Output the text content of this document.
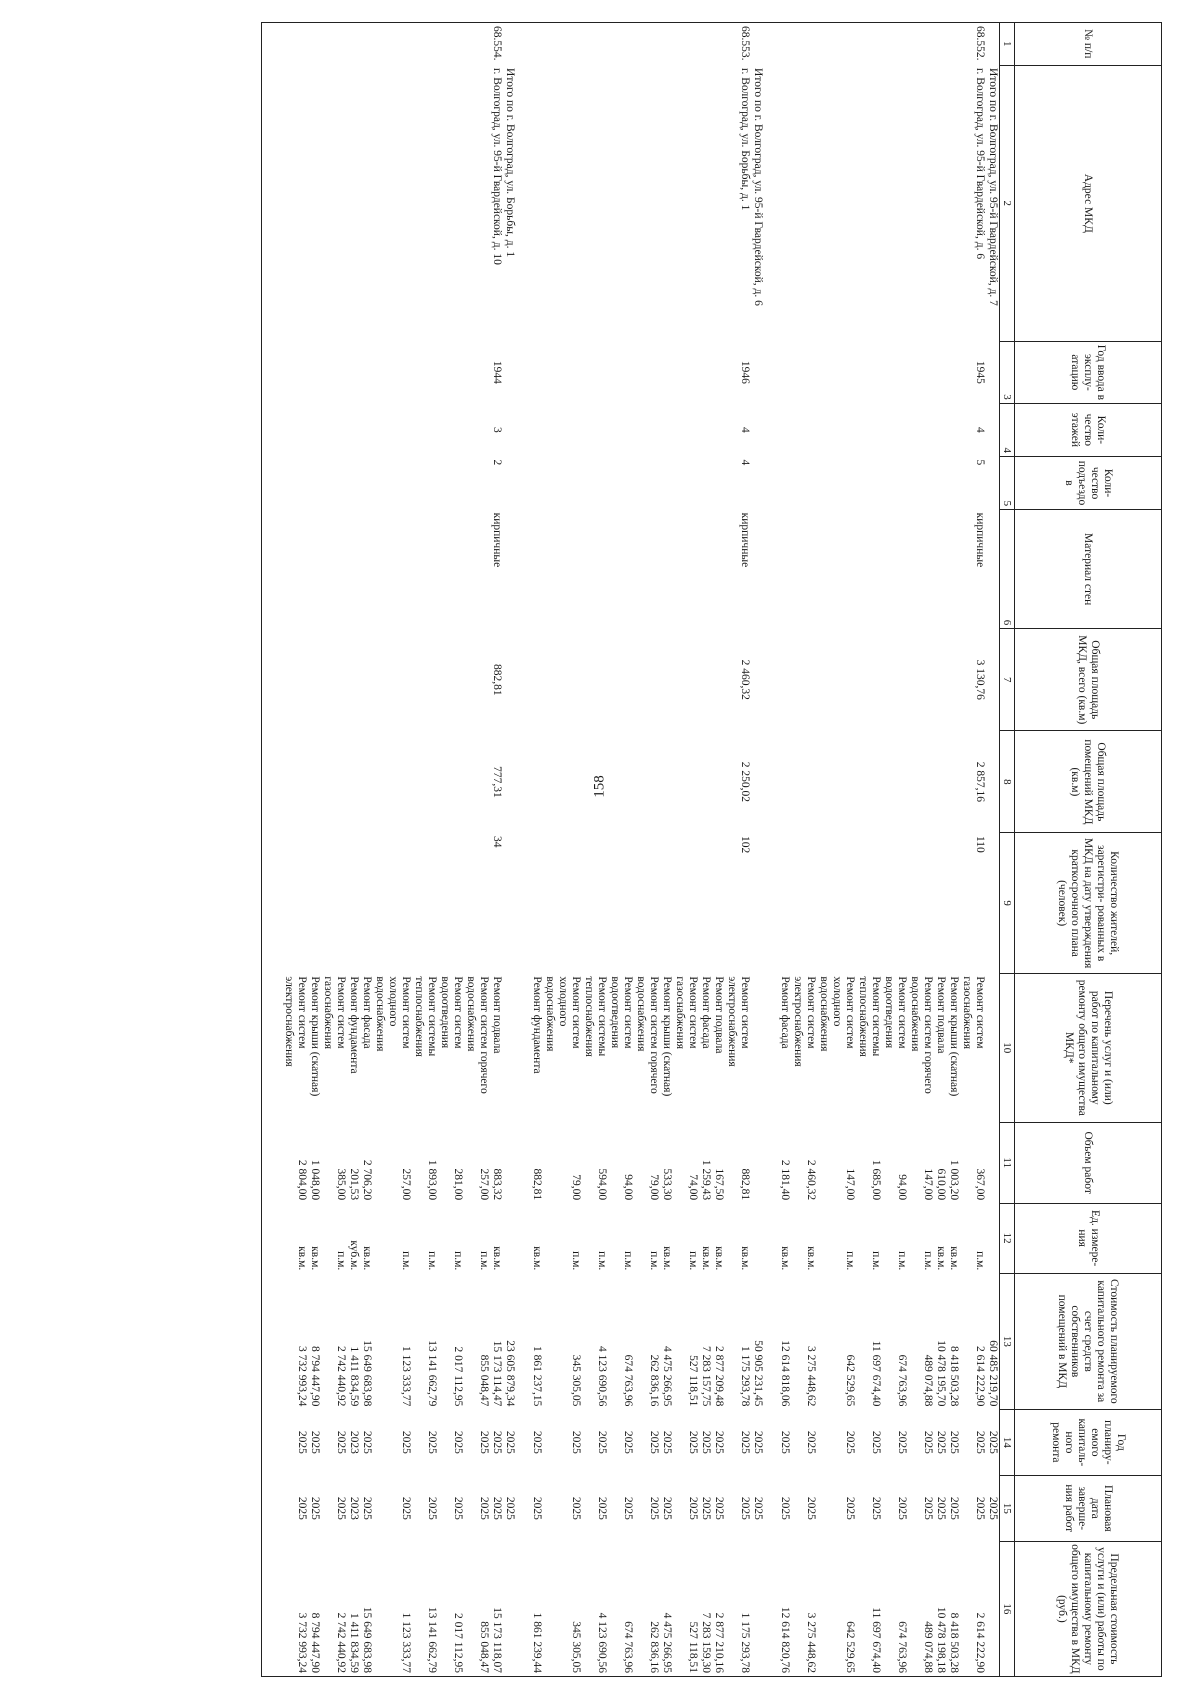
158
№ п/п	Адрес МКД	Год ввода в эксплу- атацию	Коли- чество этажей	Коли- чество подъездо в	Материал стен	Общая площадь МКД, всего (кв.м)	Общая площадь помещений МКД (кв.м)	Количество жителей, зарегистри- рованных в МКД на дату утверждения краткосрочного плана (человек)	Перечень услуг и (или) работ по капитальному ремонту общего имущества МКД*	Объем работ	Ед. измере- ния	Стоимость планируемого капитального ремонта за счет средств собственников помещений в МКД	Год планиру- емого капиталь- ного ремонта	Плановая дата заверше- ния работ	Предельная стоимость услуги и (или) работы по капитальному ремонту общего имущества в МКД (руб.)
1	2	3	4	5	6	7	8	9	10	11	12	13	14	15	16
	Итого по г. Волгоград, ул. 95-й Гвардейской, д. 7											60 485 219,70	2025	2025	
68.552.	г. Волгоград, ул. 95-й Гвардейской, д. 6	1945	4	5	кирпичные	3 130,76	2 857,16	110	Ремонт систем
газоснабжения	367,00	п.м.	2 614 222,90	2025	2025	2 614 222,90

									Ремонт крыши (скатная)	1 003,20	кв.м.	8 418 503,28	2025	2025	8 418 503,28

									Ремонт подвала	610,00	кв.м.	10 478 195,70	2025	2025	10 478 198,18

									Ремонт систем горячего
водоснабжения	147,00	п.м.	489 074,88	2025	2025	489 074,88

									Ремонт систем
водоотведения	94,00	п.м.	674 763,96	2025	2025	674 763,96

									Ремонт системы
теплоснабжения	1 685,00	п.м.	11 697 674,40	2025	2025	11 697 674,40

									Ремонт систем
холодного
водоснабжения	147,00	п.м.	642 529,65	2025	2025	642 529,65

									Ремонт систем
электроснабжения	2 460,32	кв.м.	3 275 448,62	2025	2025	3 275 448,62

									Ремонт фасада	2 181,40	кв.м.	12 614 818,06	2025	2025	12 614 820,76

	Итого по г. Волгоград, ул. 95-й Гвардейской, д. 6											50 905 231,45	2025	2025	
68.553.	г. Волгоград, ул. Борьбы, д. 1	1946	4	4	кирпичные	2 460,32	2 250,02	102	Ремонт систем
электроснабжения	882,81	кв.м.	1 175 293,78	2025	2025	1 175 293,78

									Ремонт подвала	167,50	кв.м.	2 877 209,48	2025	2025	2 877 210,16

									Ремонт фасада	1 259,43	кв.м.	7 283 157,75	2025	2025	7 283 159,30

									Ремонт систем
газоснабжения	74,00	п.м.	527 118,51	2025	2025	527 118,51

									Ремонт крыши (скатная)	533,30	кв.м.	4 475 266,95	2025	2025	4 475 266,95

									Ремонт систем горячего
водоснабжения	79,00	п.м.	262 836,16	2025	2025	262 836,16

									Ремонт систем
водоотведения	94,00	п.м.	674 763,96	2025	2025	674 763,96

									Ремонт системы
теплоснабжения	594,00	п.м.	4 123 690,56	2025	2025	4 123 690,56

									Ремонт систем
холодного
водоснабжения	79,00	п.м.	345 305,05	2025	2025	345 305,05

									Ремонт фундамента	882,81	кв.м.	1 861 237,15	2025	2025	1 861 239,44

	Итого по г. Волгоград, ул. Борьбы, д. 1											23 605 879,34	2025	2025	
68.554.	г. Волгоград, ул. 95-й Гвардейской, д. 10	1944	3	2	кирпичные	882,81	777,31	34	Ремонт подвала	883,32	кв.м.	15 173 114,47	2025	2025	15 173 118,07

									Ремонт систем горячего
водоснабжения	257,00	п.м.	855 048,47	2025	2025	855 048,47

									Ремонт систем
водоотведения	281,00	п.м.	2 017 112,95	2025	2025	2 017 112,95

									Ремонт системы
теплоснабжения	1 893,00	п.м.	13 141 662,79	2025	2025	13 141 662,79

									Ремонт систем
холодного
водоснабжения	257,00	п.м.	1 123 333,77	2025	2025	1 123 333,77

									Ремонт фасада	2 706,20	кв.м.	15 649 683,98	2025	2025	15 649 683,98

									Ремонт фундамента	201,53	куб.м.	1 411 834,59	2023	2023	1 411 834,59

									Ремонт систем
газоснабжения	385,00	п.м.	2 742 440,92	2025	2025	2 742 440,92

									Ремонт крыши (скатная)	1 048,00	кв.м.	8 794 447,90	2025	2025	8 794 447,90

									Ремонт систем
электроснабжения	2 804,00	кв.м.	3 732 993,24	2025	2025	3 732 993,24
